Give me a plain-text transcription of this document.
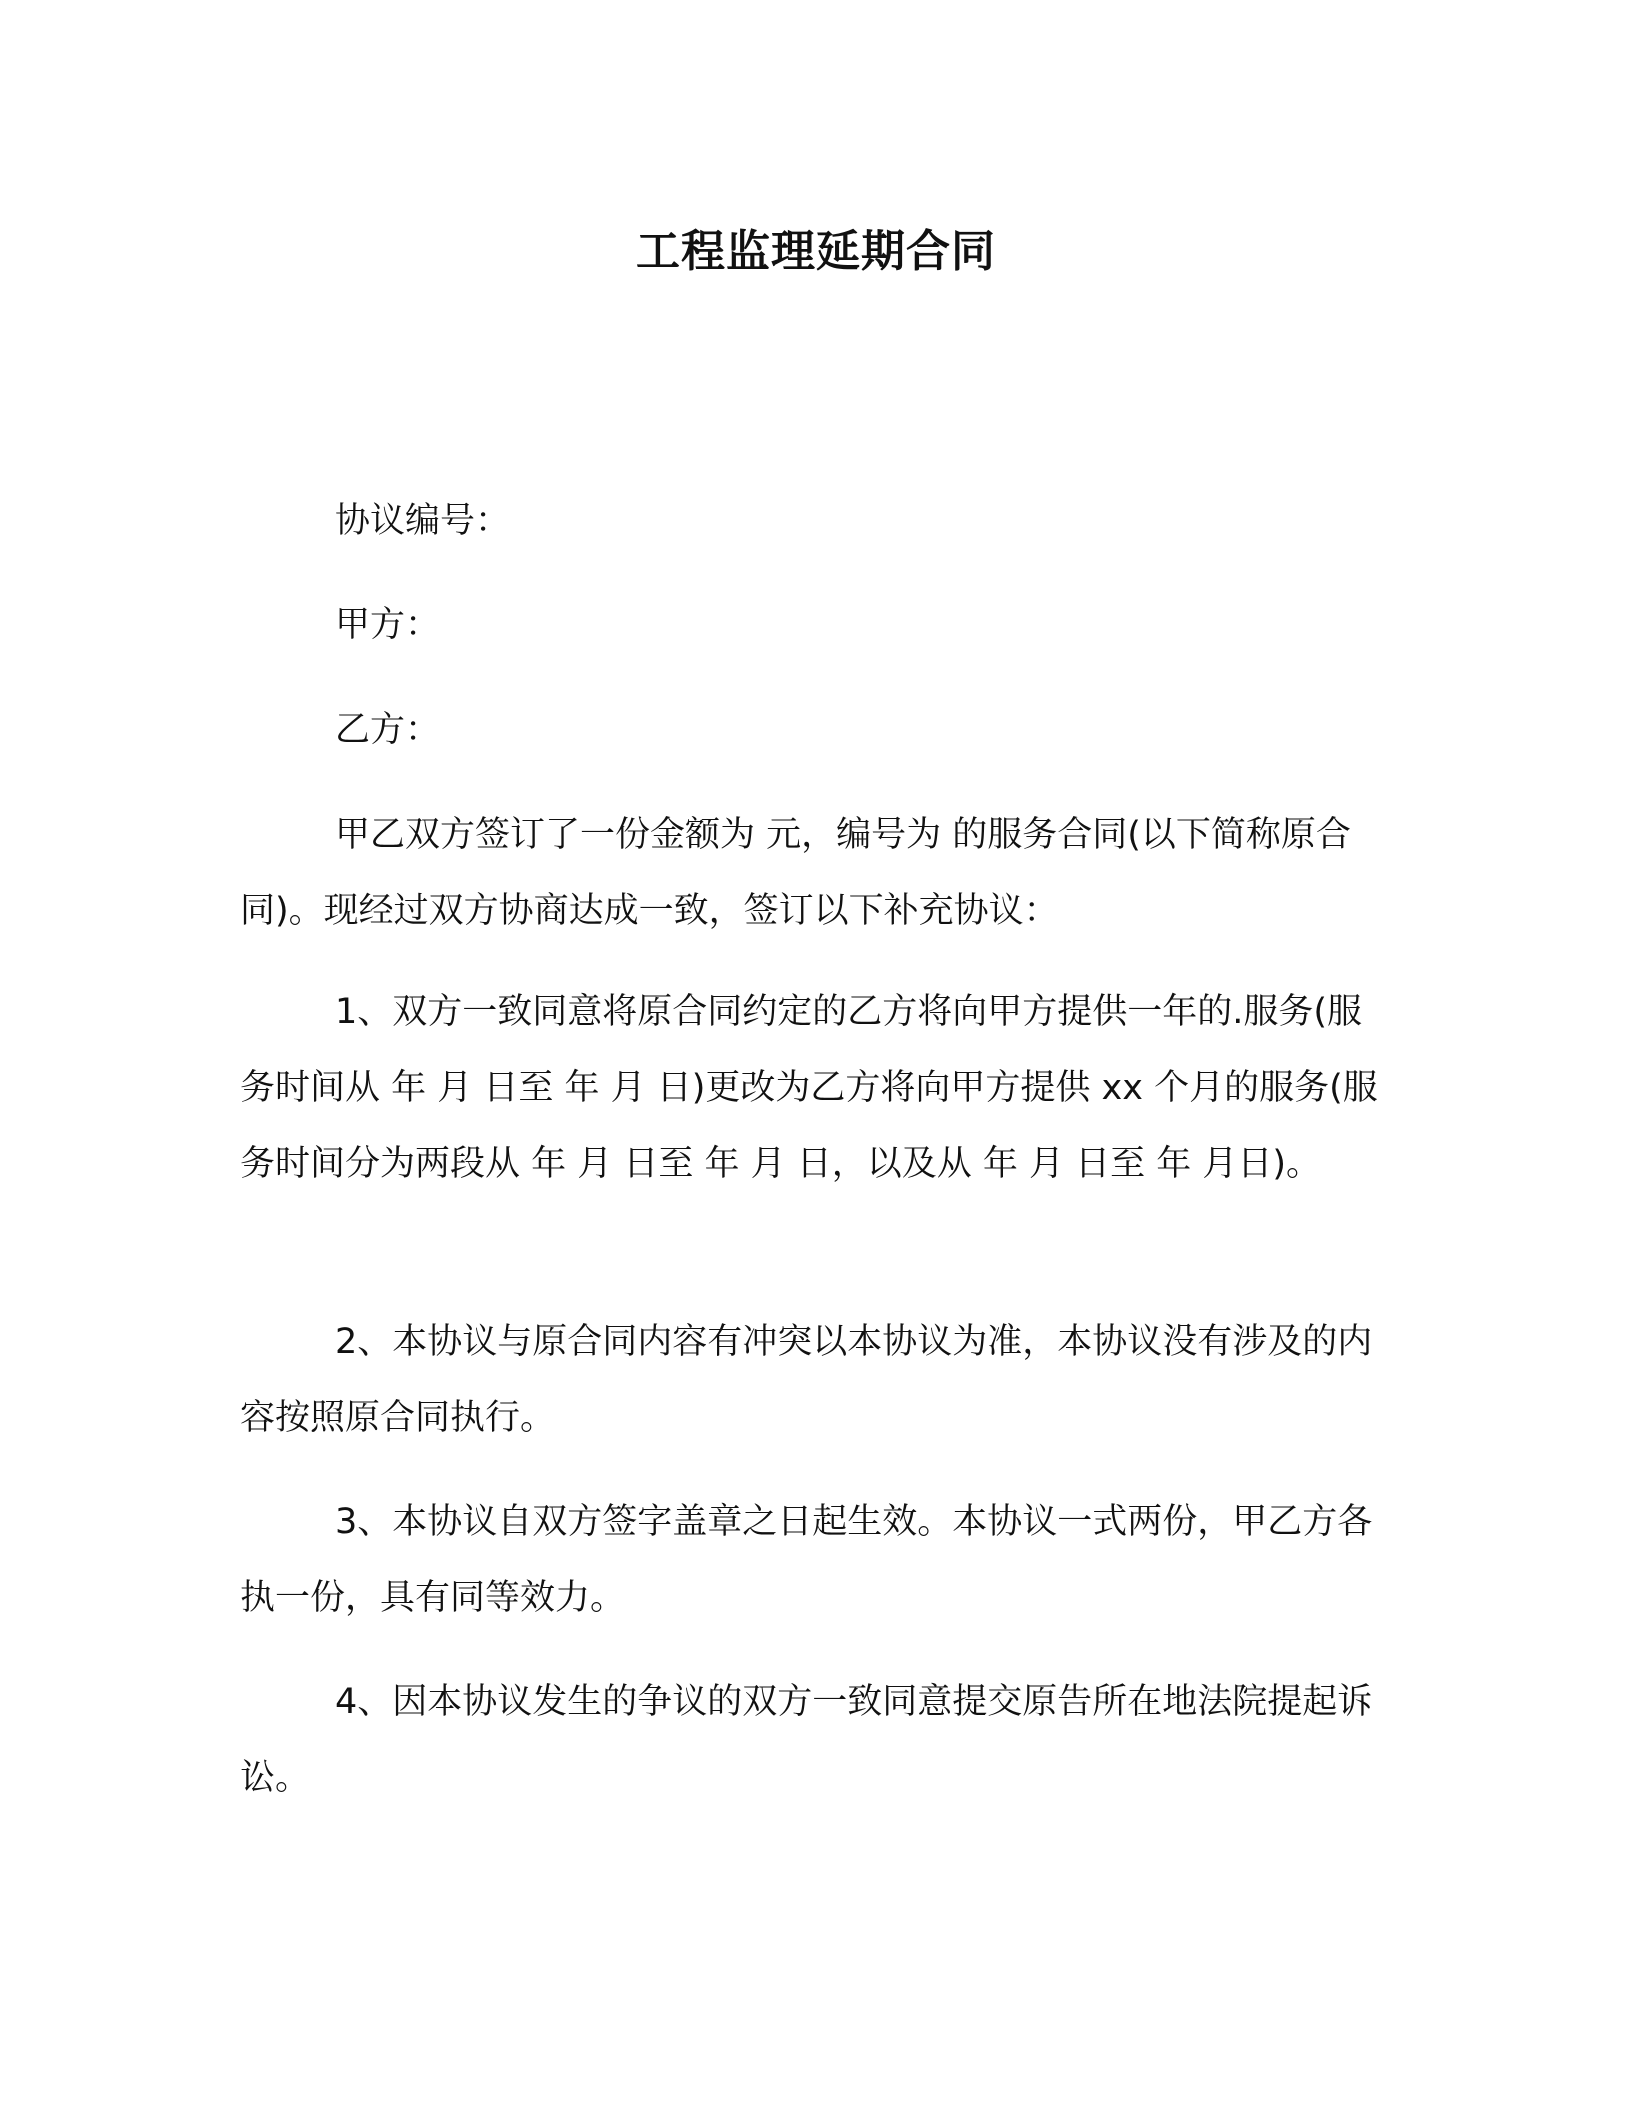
工程监理延期合同

协议编号：

甲方：

乙方：

甲乙双方签订了一份金额为 元，编号为 的服务合同(以下简称原合同)。现经过双方协商达成一致，签订以下补充协议：

1、双方一致同意将原合同约定的乙方将向甲方提供一年的.服务(服务时间从 年 月 日至 年 月 日)更改为乙方将向甲方提供 xx 个月的服务(服务时间分为两段从 年 月 日至 年 月 日，以及从 年 月 日至 年 月日)。

2、本协议与原合同内容有冲突以本协议为准，本协议没有涉及的内容按照原合同执行。

3、本协议自双方签字盖章之日起生效。本协议一式两份，甲乙方各执一份，具有同等效力。

4、因本协议发生的争议的双方一致同意提交原告所在地法院提起诉讼。
